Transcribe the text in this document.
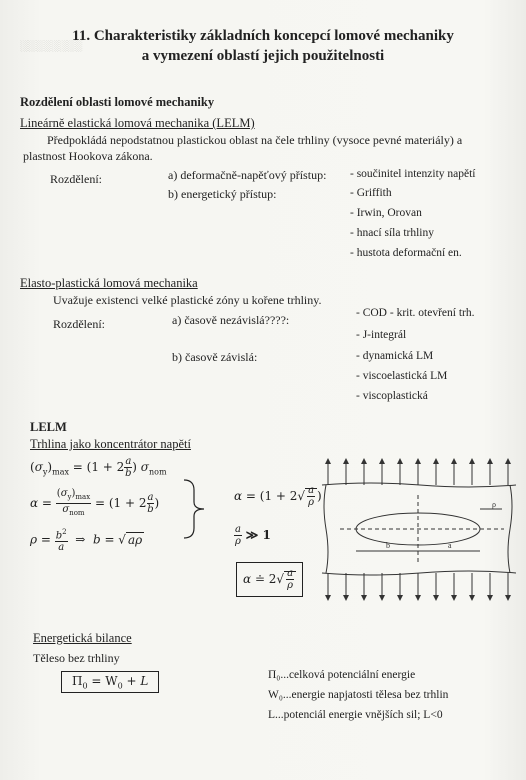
░░░░░░░░
11. Charakteristiky základních koncepcí lomové mechaniky
a vymezení oblastí jejich použitelnosti
Rozdělení oblasti lomové mechaniky
Lineárně elastická lomová mechanika (LELM)
Předpokládá nepodstatnou plastickou oblast na čele trhliny (vysoce pevné materiály) a
plastnost Hookova zákona.
Rozdělení:	a) deformačně-napěťový přístup: - součinitel intenzity napětí
b) energetický přístup:	- Griffith
- Irwin, Orovan
- hnací síla trhliny
- hustota deformační en.
Elasto-plastická lomová mechanika
Uvažuje existenci velké plastické zóny u kořene trhliny.
Rozdělení:	a) časově nezávislá????:	- COD - krit. otevření trh.
- J-integrál
b) časově závislá:	- dynamická LM
- viscoelastická LM
- viscoplastická
LELM
Trhlina jako koncentrátor napětí
$(\sigma_y)_{max} = (1 + 2 \frac{a}{b}$ ) $\sigma_{nom}$
$\alpha = \frac{(\sigma_y)_{max}}{\sigma_{nom}} = (1 + 2 \frac{a}{b}$ )
$\rho = \frac{b^2}{a}$ ⇒  b = √ aρ
$\alpha = (1 + 2√ \frac{a}{\rho}$ )
$\frac{a}{\rho}$ ≫ 1
α ≐ $2√ \frac{a}{\rho}$
b	a
ρ
Energetická bilance
Těleso bez trhliny
$\Pi_0 = W_0 + L$	Π₀...celková potenciální energie
W₀...energie napjatosti tělesa bez trhlin
L...potenciál energie vnějších sil; L<0
